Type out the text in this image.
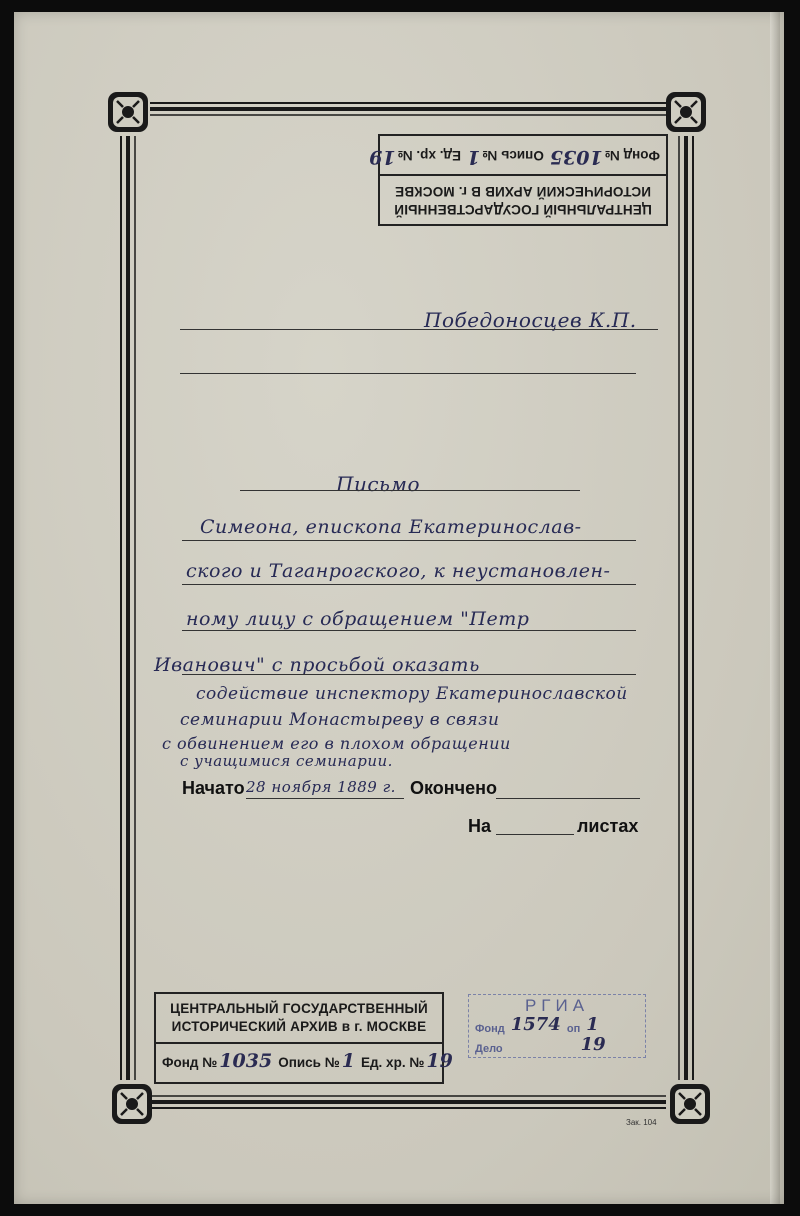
ЦЕНТРАЛЬНЫЙ ГОСУДАРСТВЕННЫЙ
ИСТОРИЧЕСКИЙ АРХИВ В г. МОСКВЕ
Фонд №
1035
Опись №
1
Ед. хр. №
19
Победоносцев К.П.
Письмо
Симеона, епископа Екатеринослав-
ского и Таганрогского, к неустановлен-
ному лицу с обращением "Петр
Иванович" с просьбой оказать
содействие инспектору Екатеринославской
семинарии Монастыреву в связи
с обвинением его в плохом обращении
с учащимися семинарии.
Начато 28 ноября 1889 г. Окончено
На	листах
ЦЕНТРАЛЬНЫЙ ГОСУДАРСТВЕННЫЙ
ИСТОРИЧЕСКИЙ АРХИВ в г. МОСКВЕ
Фонд № 1035 Опись № 1 Ед. хр. № 19
РГИА
Фонд 1574 оп 1
Дело	19
Зак. 104
